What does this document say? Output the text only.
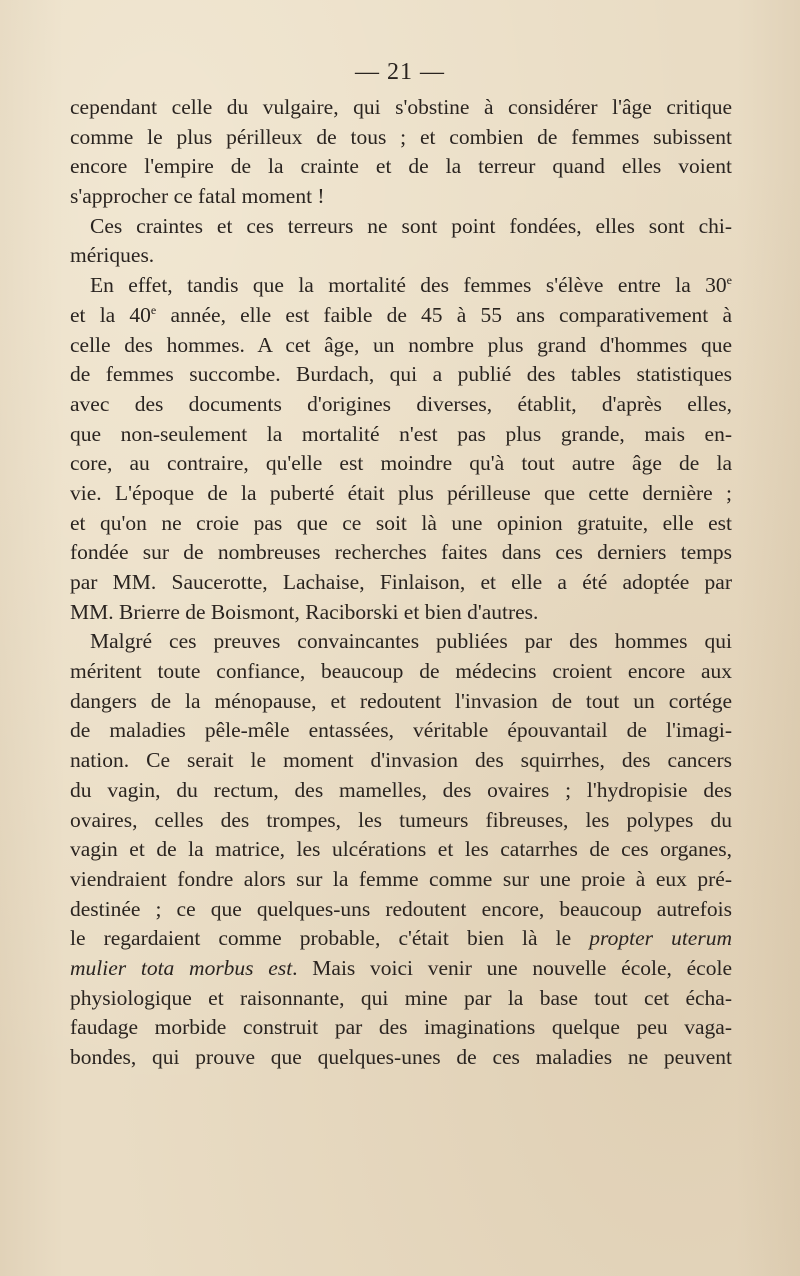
— 21 —
cependant celle du vulgaire, qui s'obstine à considérer l'âge critique
comme le plus périlleux de tous ; et combien de femmes subissent
encore l'empire de la crainte et de la terreur quand elles voient
s'approcher ce fatal moment !
Ces craintes et ces terreurs ne sont point fondées, elles sont chi-
mériques.
En effet, tandis que la mortalité des femmes s'élève entre la 30e
et la 40e année, elle est faible de 45 à 55 ans comparativement à
celle des hommes. A cet âge, un nombre plus grand d'hommes que
de femmes succombe. Burdach, qui a publié des tables statistiques
avec des documents d'origines diverses, établit, d'après elles,
que non-seulement la mortalité n'est pas plus grande, mais en-
core, au contraire, qu'elle est moindre qu'à tout autre âge de la
vie. L'époque de la puberté était plus périlleuse que cette dernière ;
et qu'on ne croie pas que ce soit là une opinion gratuite, elle est
fondée sur de nombreuses recherches faites dans ces derniers temps
par MM. Saucerotte, Lachaise, Finlaison, et elle a été adoptée par
MM. Brierre de Boismont, Raciborski et bien d'autres.
Malgré ces preuves convaincantes publiées par des hommes qui
méritent toute confiance, beaucoup de médecins croient encore aux
dangers de la ménopause, et redoutent l'invasion de tout un cortége
de maladies pêle-mêle entassées, véritable épouvantail de l'imagi-
nation. Ce serait le moment d'invasion des squirrhes, des cancers
du vagin, du rectum, des mamelles, des ovaires ; l'hydropisie des
ovaires, celles des trompes, les tumeurs fibreuses, les polypes du
vagin et de la matrice, les ulcérations et les catarrhes de ces organes,
viendraient fondre alors sur la femme comme sur une proie à eux pré-
destinée ; ce que quelques-uns redoutent encore, beaucoup autrefois
le regardaient comme probable, c'était bien là le propter uterum
mulier tota morbus est. Mais voici venir une nouvelle école, école
physiologique et raisonnante, qui mine par la base tout cet écha-
faudage morbide construit par des imaginations quelque peu vaga-
bondes, qui prouve que quelques-unes de ces maladies ne peuvent
